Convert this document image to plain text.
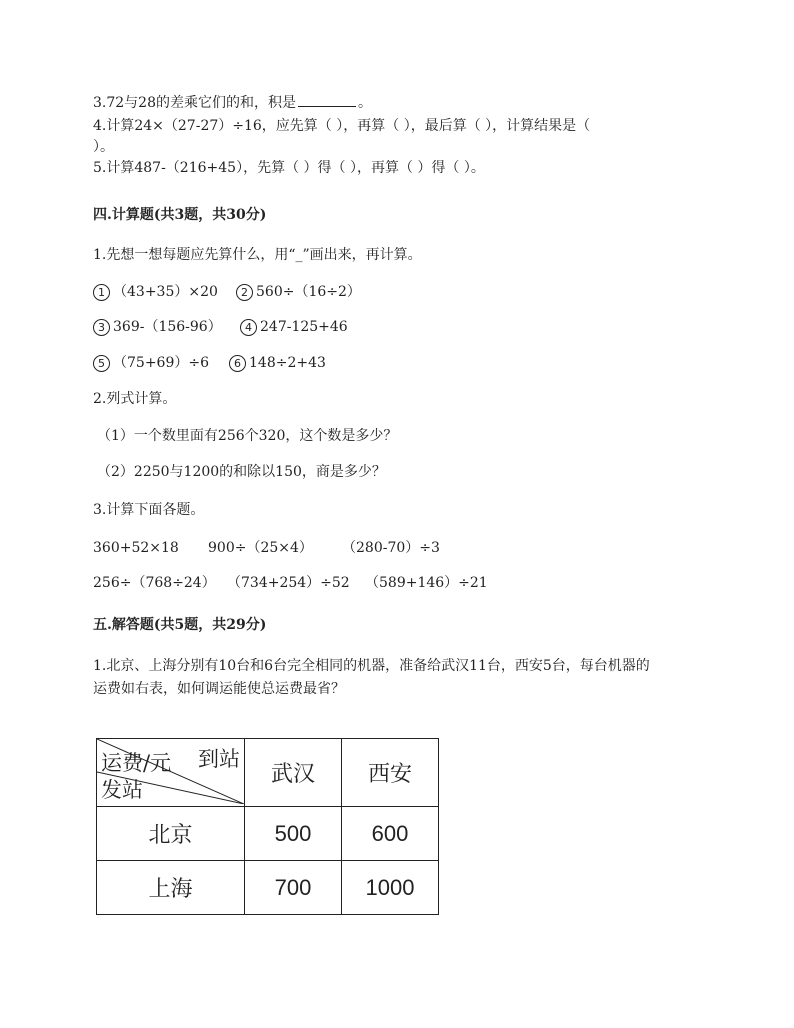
3.72与28的差乘它们的和，积是	。
4.计算24×（27-27）÷16，应先算（ ），再算（ ），最后算（ ），计算结果是（
）。
5.计算487-（216+45），先算（ ）得（ ），再算（ ）得（ ）。
四.计算题(共3题，共30分)
1.先想一想每题应先算什么，用“_”画出来，再计算。
1 （43+35）×20	2 560÷（16÷2）
3 369-（156-96）	4 247-125+46
5 （75+69）÷6	6 148÷2+43
2.列式计算。
（1）一个数里面有256个320，这个数是多少？
（2）2250与1200的和除以150，商是多少？
3.计算下面各题。
360+52×18 900÷（25×4） （280-70）÷3
256÷（768÷24） （734+254）÷52 （589+146）÷21
五.解答题(共5题，共29分)
1.北京、上海分别有10台和6台完全相同的机器，准备给武汉11台，西安5台，每台机器的
运费如右表，如何调运能使总运费最省？
到站
运费/元
发站	武汉	西安
北京	500	600
上海	700	1000
